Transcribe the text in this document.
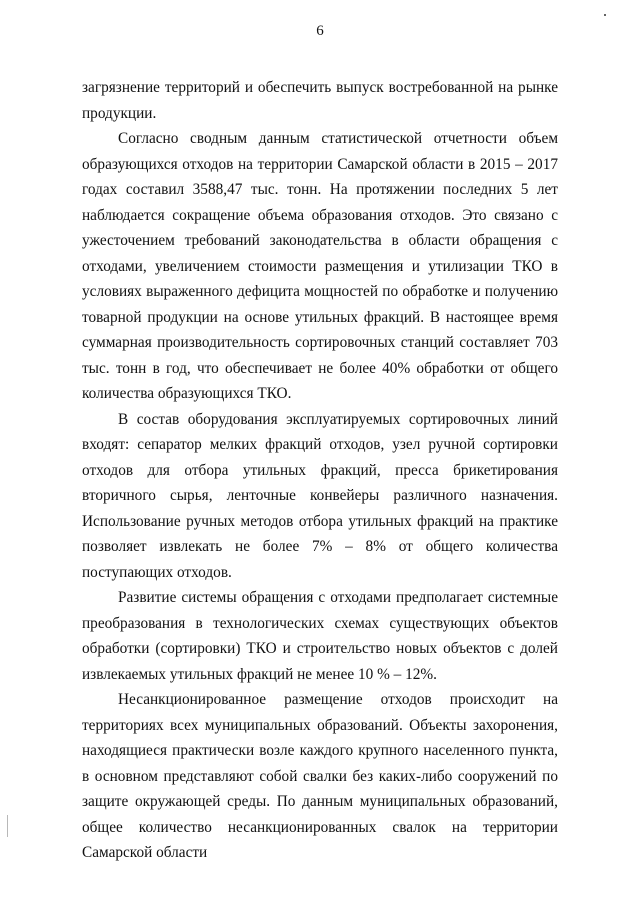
6

загрязнение территорий и обеспечить выпуск востребованной на рынке продукции.

Согласно сводным данным статистической отчетности объем образующихся отходов на территории Самарской области в 2015 – 2017 годах составил 3588,47 тыс. тонн. На протяжении последних 5 лет наблюдается сокращение объема образования отходов. Это связано с ужесточением требований законодательства в области обращения с отходами, увеличением стоимости размещения и утилизации ТКО в условиях выраженного дефицита мощностей по обработке и получению товарной продукции на основе утильных фракций. В настоящее время суммарная производительность сортировочных станций составляет 703 тыс. тонн в год, что обеспечивает не более 40% обработки от общего количества образующихся ТКО.

В состав оборудования эксплуатируемых сортировочных линий входят: сепаратор мелких фракций отходов, узел ручной сортировки отходов для отбора утильных фракций, пресса брикетирования вторичного сырья, ленточные конвейеры различного назначения. Использование ручных методов отбора утильных фракций на практике позволяет извлекать не более 7% – 8% от общего количества поступающих отходов.

Развитие системы обращения с отходами предполагает системные преобразования в технологических схемах существующих объектов обработки (сортировки) ТКО и строительство новых объектов с долей извлекаемых утильных фракций не менее 10 % – 12%.

Несанкционированное размещение отходов происходит на территориях всех муниципальных образований. Объекты захоронения, находящиеся практически возле каждого крупного населенного пункта, в основном представляют собой свалки без каких-либо сооружений по защите окружающей среды. По данным муниципальных образований, общее количество несанкционированных свалок на территории Самарской области
